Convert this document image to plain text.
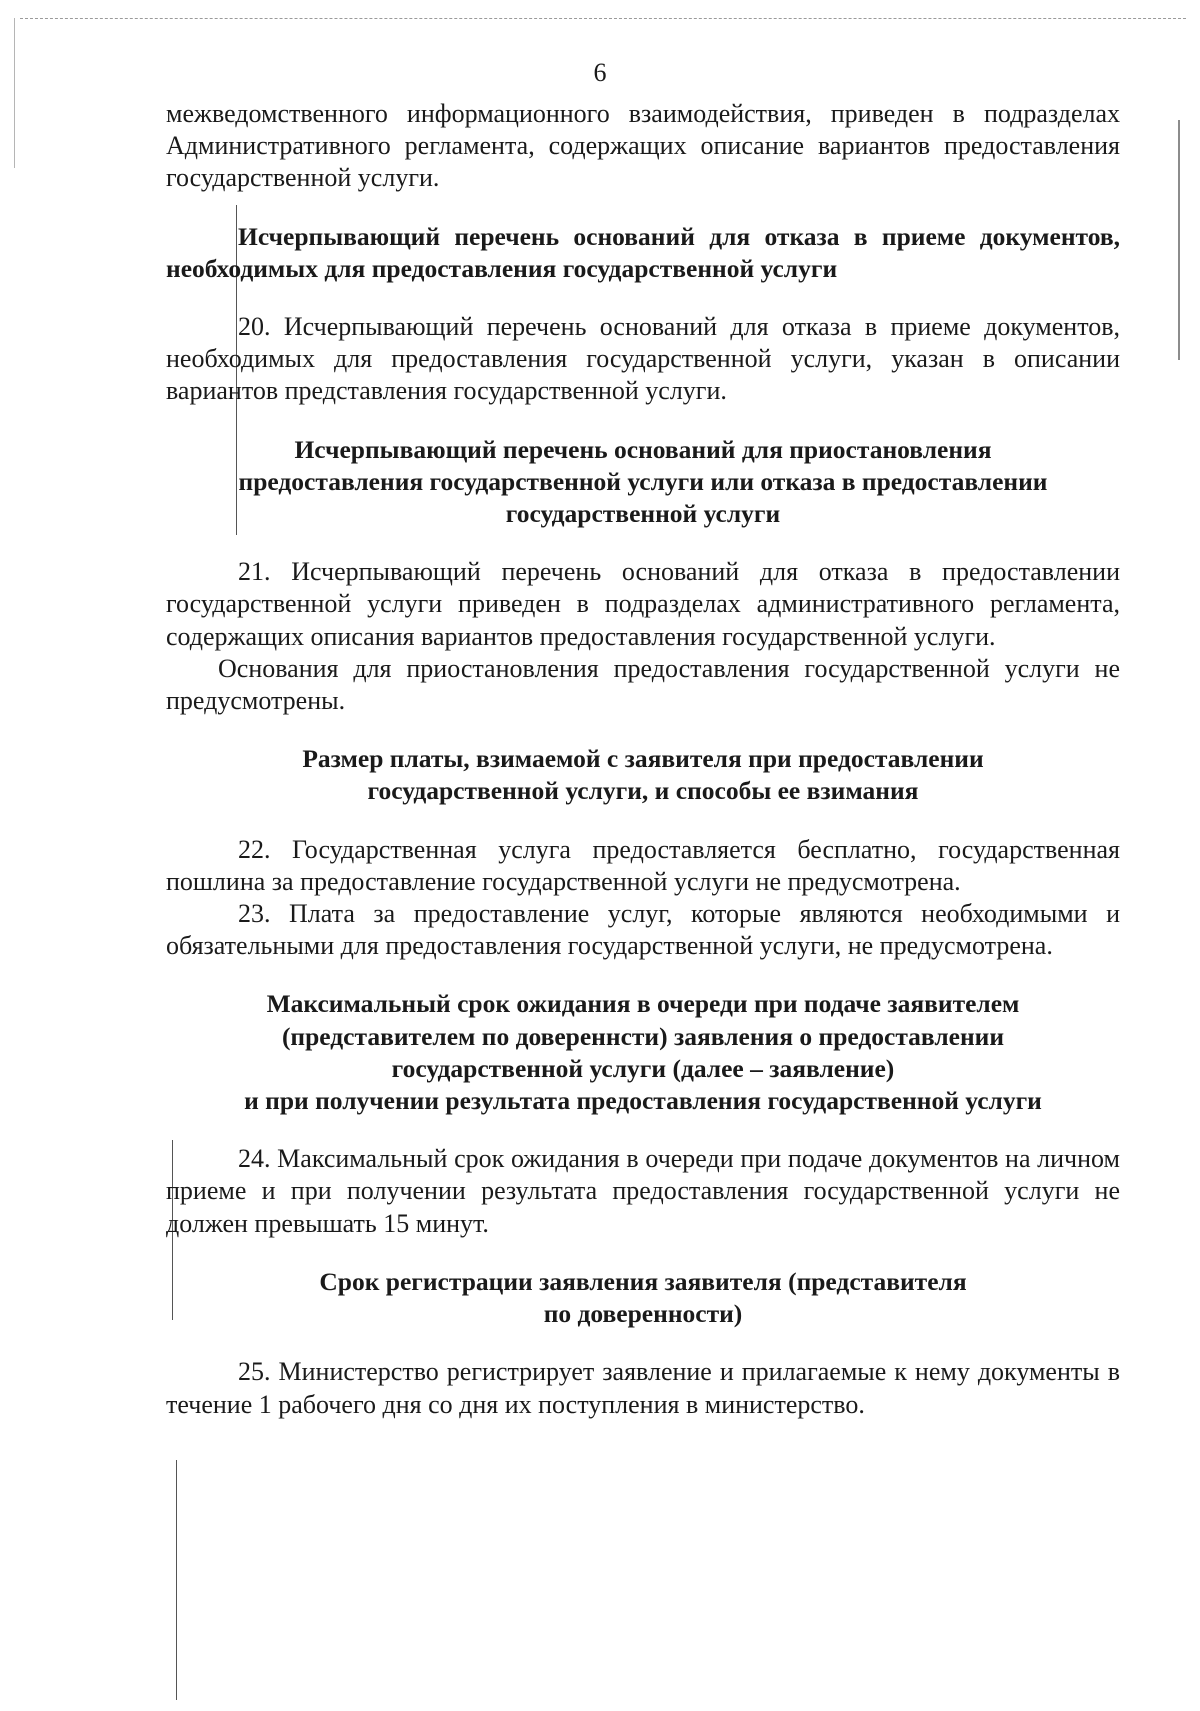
6

межведомственного информационного взаимодействия, приведен в подразделах Административного регламента, содержащих описание вариантов предоставления государственной услуги.

Исчерпывающий перечень оснований для отказа в приеме документов, необходимых для предоставления государственной услуги

20. Исчерпывающий перечень оснований для отказа в приеме документов, необходимых для предоставления государственной услуги, указан в описании вариантов представления государственной услуги.

Исчерпывающий перечень оснований для приостановления
предоставления государственной услуги или отказа в предоставлении
государственной услуги

21. Исчерпывающий перечень оснований для отказа в предоставлении государственной услуги приведен в подразделах административного регламента, содержащих описания вариантов предоставления государственной услуги.

Основания для приостановления предоставления государственной услуги не предусмотрены.

Размер платы, взимаемой с заявителя при предоставлении
государственной услуги, и способы ее взимания

22. Государственная услуга предоставляется бесплатно, государственная пошлина за предоставление государственной услуги не предусмотрена.

23. Плата за предоставление услуг, которые являются необходимыми и обязательными для предоставления государственной услуги, не предусмотрена.

Максимальный срок ожидания в очереди при подаче заявителем
(представителем по довереннсти) заявления о предоставлении
государственной услуги (далее – заявление)
и при получении результата предоставления государственной услуги

24. Максимальный срок ожидания в очереди при подаче документов на личном приеме и при получении результата предоставления государственной услуги не должен превышать 15 минут.

Срок регистрации заявления заявителя (представителя
по доверенности)

25. Министерство регистрирует заявление и прилагаемые к нему документы в течение 1 рабочего дня со дня их поступления в министерство.
